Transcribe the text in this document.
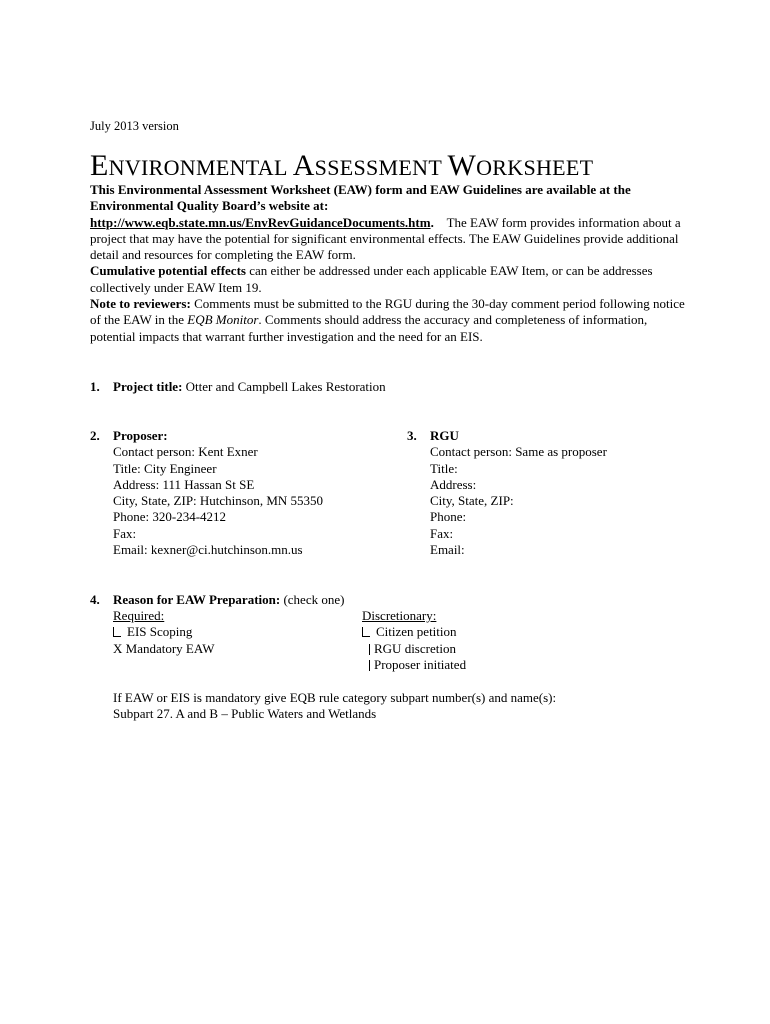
July 2013 version
ENVIRONMENTAL ASSESSMENT WORKSHEET

This Environmental Assessment Worksheet (EAW) form and EAW Guidelines are available at the Environmental Quality Board’s website at:
http://www.eqb.state.mn.us/EnvRevGuidanceDocuments.htm. The EAW form provides information about a project that may have the potential for significant environmental effects. The EAW Guidelines provide additional detail and resources for completing the EAW form.

Cumulative potential effects can either be addressed under each applicable EAW Item, or can be addresses collectively under EAW Item 19.

Note to reviewers: Comments must be submitted to the RGU during the 30-day comment period following notice of the EAW in the EQB Monitor. Comments should address the accuracy and completeness of information, potential impacts that warrant further investigation and the need for an EIS.

1. Project title: Otter and Campbell Lakes Restoration
2. Proposer:
Contact person: Kent Exner
Title: City Engineer
Address: 111 Hassan St SE
City, State, ZIP: Hutchinson, MN 55350
Phone: 320-234-4212
Fax:
Email: kexner@ci.hutchinson.mn.us
3. RGU
Contact person: Same as proposer
Title:
Address:
City, State, ZIP:
Phone:
Fax:
Email:
4. Reason for EAW Preparation: (check one)
Required:
EIS Scoping
X Mandatory EAW
Discretionary:
Citizen petition
RGU discretion
Proposer initiated
If EAW or EIS is mandatory give EQB rule category subpart number(s) and name(s):
Subpart 27. A and B – Public Waters and Wetlands
